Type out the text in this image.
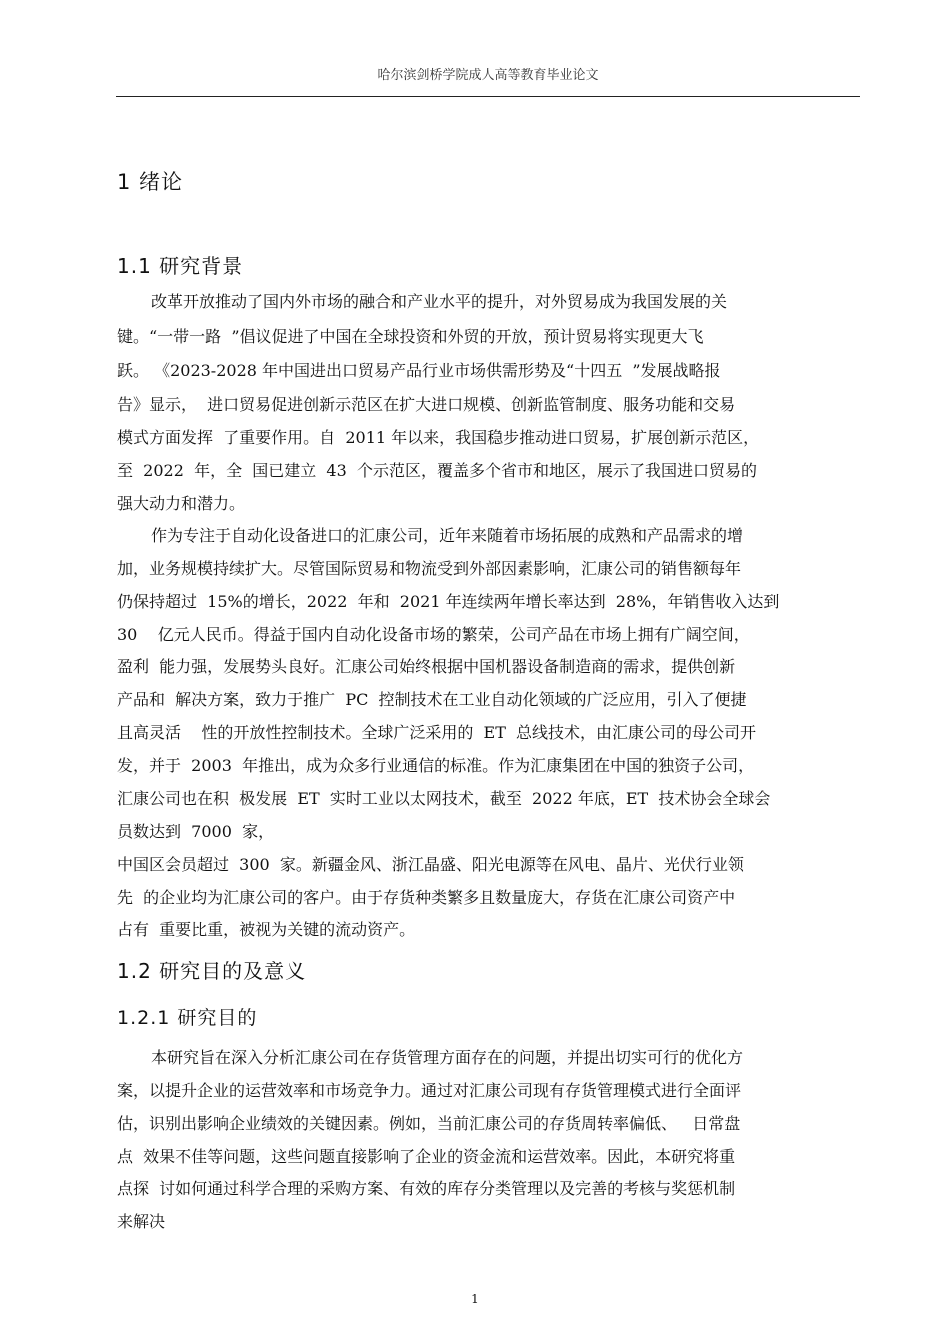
哈尔滨剑桥学院成人高等教育毕业论文
1 绪论
1.1 研究背景
改革开放推动了国内外市场的融合和产业水平的提升，对外贸易成为我国发展的关
键。“一带一路  ”倡议促进了中国在全球投资和外贸的开放，预计贸易将实现更大飞
跃。 《2023-2028 年中国进出口贸易产品行业市场供需形势及“十四五  ”发展战略报
告》显示，  进口贸易促进创新示范区在扩大进口规模、创新监管制度、服务功能和交易
模式方面发挥  了重要作用。自  2011 年以来，我国稳步推动进口贸易，扩展创新示范区，
至  2022  年，全  国已建立  43  个示范区，覆盖多个省市和地区，展示了我国进口贸易的
强大动力和潜力。
作为专注于自动化设备进口的汇康公司，近年来随着市场拓展的成熟和产品需求的增
加，业务规模持续扩大。尽管国际贸易和物流受到外部因素影响，汇康公司的销售额每年
仍保持超过  15%的增长，2022  年和  2021 年连续两年增长率达到  28%，年销售收入达到
30    亿元人民币。得益于国内自动化设备市场的繁荣，公司产品在市场上拥有广阔空间，
盈利  能力强，发展势头良好。汇康公司始终根据中国机器设备制造商的需求，提供创新
产品和  解决方案，致力于推广  PC  控制技术在工业自动化领域的广泛应用，引入了便捷
且高灵活    性的开放性控制技术。全球广泛采用的  ET  总线技术，由汇康公司的母公司开
发，并于  2003  年推出，成为众多行业通信的标准。作为汇康集团在中国的独资子公司，
汇康公司也在积  极发展  ET  实时工业以太网技术，截至  2022 年底，ET  技术协会全球会
员数达到  7000  家，
中国区会员超过  300  家。新疆金风、浙江晶盛、阳光电源等在风电、晶片、光伏行业领
先  的企业均为汇康公司的客户。由于存货种类繁多且数量庞大，存货在汇康公司资产中
占有  重要比重，被视为关键的流动资产。
1.2 研究目的及意义
1.2.1 研究目的
本研究旨在深入分析汇康公司在存货管理方面存在的问题，并提出切实可行的优化方
案，以提升企业的运营效率和市场竞争力。通过对汇康公司现有存货管理模式进行全面评
估，识别出影响企业绩效的关键因素。例如，当前汇康公司的存货周转率偏低、   日常盘
点  效果不佳等问题，这些问题直接影响了企业的资金流和运营效率。因此，本研究将重
点探  讨如何通过科学合理的采购方案、有效的库存分类管理以及完善的考核与奖惩机制
来解决
1
